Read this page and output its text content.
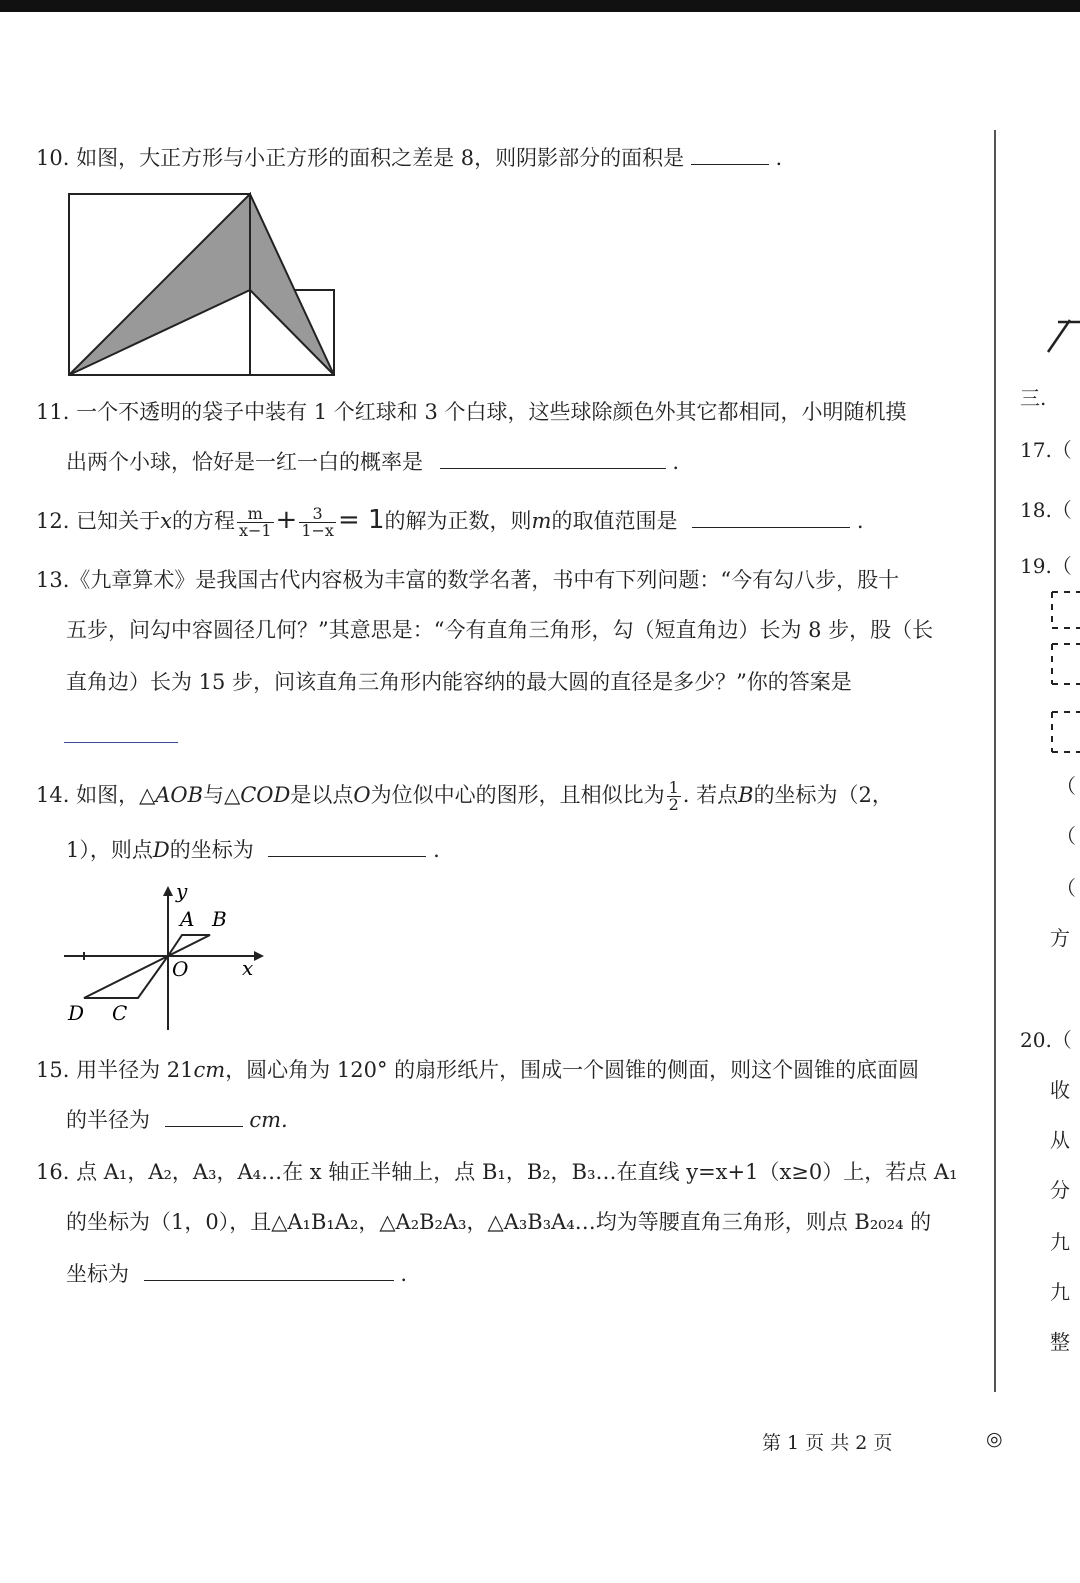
10. 如图，大正方形与小正方形的面积之差是 8，则阴影部分的面积是	.
11. 一个不透明的袋子中装有 1 个红球和 3 个白球，这些球除颜色外其它都相同，小明随机摸
出两个小球，恰好是一红一白的概率是	.
12. 已知关于x的方程 $\frac{m}{x-1} + \frac{3}{1-x} = 1$的解为正数，则m的取值范围是	.
13.《九章算术》是我国古代内容极为丰富的数学名著，书中有下列问题：“今有勾八步，股十
五步，问勾中容圆径几何？”其意思是：“今有直角三角形，勾（短直角边）长为 8 步，股（长
直角边）长为 15 步，问该直角三角形内能容纳的最大圆的直径是多少？”你的答案是
14. 如图，△AOB与△COD是以点O为位似中心的图形，且相似比为 $\frac{1}{2}$ . 若点B的坐标为（2，
1），则点D的坐标为	.
y
x
O
A B
C
D
15. 用半径为 21cm，圆心角为 120° 的扇形纸片，围成一个圆锥的侧面，则这个圆锥的底面圆
的半径为	cm.
16. 点 A₁，A₂，A₃，A₄…在 x 轴正半轴上，点 B₁，B₂，B₃…在直线 y=x+1（x≥0）上，若点 A₁
的坐标为（1，0），且△A₁B₁A₂，△A₂B₂A₃，△A₃B₃A₄…均为等腰直角三角形，则点 B₂₀₂₄ 的
坐标为	.
三.
17.（
18.（
19.（
（
（
（
方
20.（
收
从
分
九
九
整
第 1 页 共 2 页	◎
